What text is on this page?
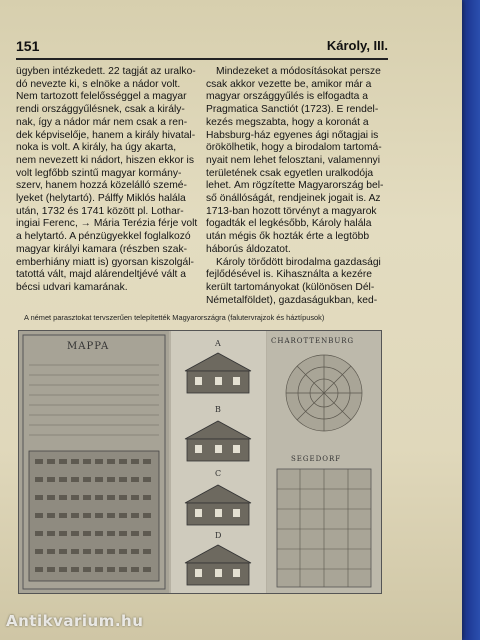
151	Károly, III.

ügyben intézkedett. 22 tagját az uralko-
dó nevezte ki, s elnöke a nádor volt.
Nem tartozott felelősséggel a magyar
rendi országgyűlésnek, csak a király-
nak, így a nádor már nem csak a ren-
dek képviselője, hanem a király hivatal-
noka is volt. A király, ha úgy akarta,
nem nevezett ki nádort, hiszen ekkor is
volt legfőbb szintű magyar kormány-
szerv, hanem hozzá közelálló szemé-
lyeket (helytartó). Pálffy Miklós halála
után, 1732 és 1741 között pl. Lothar-
ingiai Ferenc, → Mária Terézia férje volt
a helytartó. A pénzügyekkel foglalkozó
magyar királyi kamara (részben szak-
emberhiány miatt is) gyorsan kiszolgál-
tatottá vált, majd alárendeltjévé vált a
bécsi udvari kamarának.

Mindezeket a módosításokat persze
csak akkor vezette be, amikor már a
magyar országgyűlés is elfogadta a
Pragmatica Sanctiót (1723). E rendel-
kezés megszabta, hogy a koronát a
Habsburg-ház egyenes ági nőtagjai is
örökölhetik, hogy a birodalom tartomá-
nyait nem lehet felosztani, valamennyi
területének csak egyetlen uralkodója
lehet. Ám rögzítette Magyarország bel-
ső önállóságát, rendjeinek jogait is. Az
1713-ban hozott törvényt a magyarok
fogadták el legkésőbb, Károly halála
után mégis ők hozták érte a legtöbb
háborús áldozatot.
Károly törődött birodalma gazdasági
fejlődésével is. Kihasználta a kezére
került tartományokat (különösen Dél-
Németalföldet), gazdaságukban, ked-

A német parasztokat tervszerűen telepítették Magyarországra (falutervrajzok és háztípusok)
MAPPA	A
B
C
D
CHAROTTENBURG
SEGEDORF
Antikvarium.hu
